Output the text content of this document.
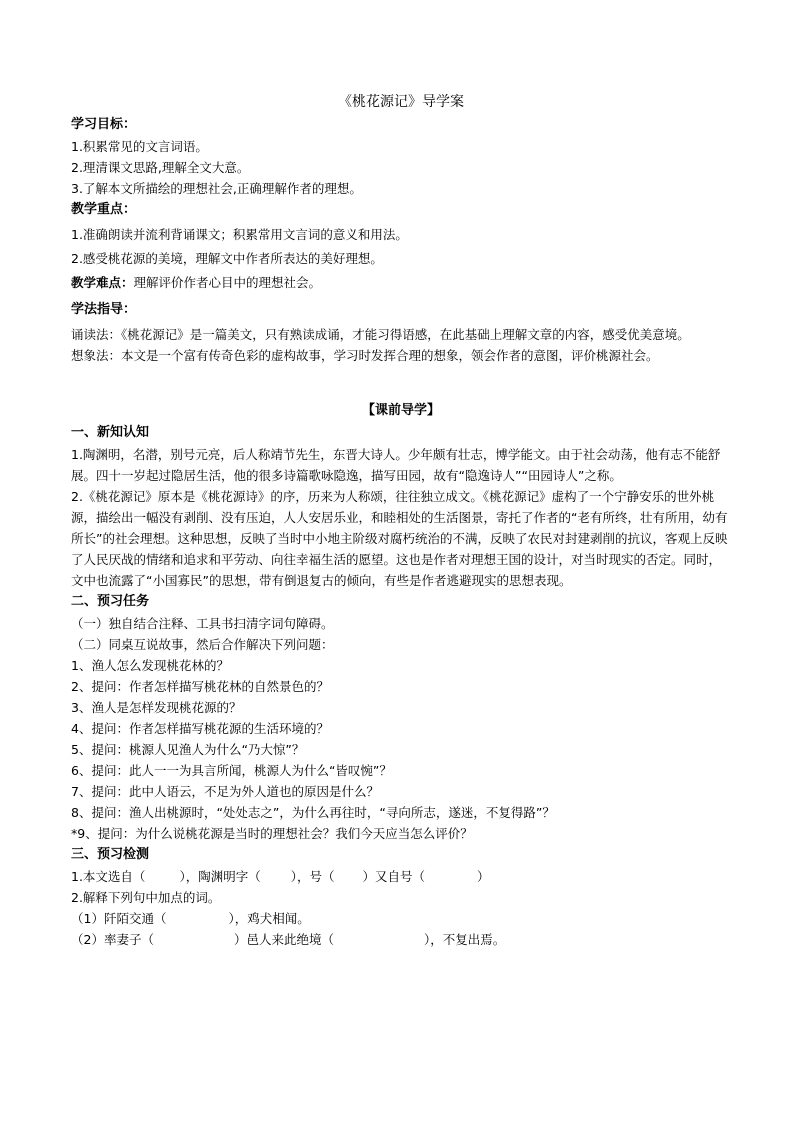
《桃花源记》导学案
学习目标：
1.积累常见的文言词语。
2.理清课文思路,理解全文大意。
3.了解本文所描绘的理想社会,正确理解作者的理想。
教学重点：
1.准确朗读并流利背诵课文；积累常用文言词的意义和用法。
2.感受桃花源的美境，理解文中作者所表达的美好理想。
教学难点：理解评价作者心目中的理想社会。
学法指导：
诵读法：《桃花源记》是一篇美文，只有熟读成诵，才能习得语感，在此基础上理解文章的内容，感受优美意境。
想象法：本文是一个富有传奇色彩的虚构故事，学习时发挥合理的想象，领会作者的意图，评价桃源社会。
【课前导学】
一、新知认知
1.陶渊明，名潜，别号元亮，后人称靖节先生，东晋大诗人。少年颇有壮志，博学能文。由于社会动荡，他有志不能舒展。四十一岁起过隐居生活，他的很多诗篇歌咏隐逸，描写田园，故有“隐逸诗人”“田园诗人”之称。
2.《桃花源记》原本是《桃花源诗》的序，历来为人称颂，往往独立成文。《桃花源记》虚构了一个宁静安乐的世外桃源，描绘出一幅没有剥削、没有压迫，人人安居乐业，和睦相处的生活图景，寄托了作者的“老有所终，壮有所用，幼有所长”的社会理想。这种思想，反映了当时中小地主阶级对腐朽统治的不满，反映了农民对封建剥削的抗议，客观上反映了人民厌战的情绪和追求和平劳动、向往幸福生活的愿望。这也是作者对理想王国的设计，对当时现实的否定。同时，文中也流露了“小国寡民”的思想，带有倒退复古的倾向，有些是作者逃避现实的思想表现。
二、预习任务
（一）独自结合注释、工具书扫清字词句障碍。
（二）同桌互说故事，然后合作解决下列问题：
1、渔人怎么发现桃花林的？
2、提问：作者怎样描写桃花林的自然景色的？
3、渔人是怎样发现桃花源的？
4、提问：作者怎样描写桃花源的生活环境的？
5、提问：桃源人见渔人为什么“乃大惊”？
6、提问：此人一一为具言所闻，桃源人为什么“皆叹惋”？
7、提问：此中人语云，不足为外人道也的原因是什么？
8、提问：渔人出桃源时，“处处志之”，为什么再往时，“寻向所志，遂迷，不复得路”？
*9、提问：为什么说桃花源是当时的理想社会？我们今天应当怎么评价？
三、预习检测
1.本文选自（	），陶渊明字（ ），号（ ）又自号（	）
2.解释下列句中加点的词。
（1）阡陌交通（	），鸡犬相闻。
（2）率妻子（	）邑人来此绝境（	），不复出焉。
